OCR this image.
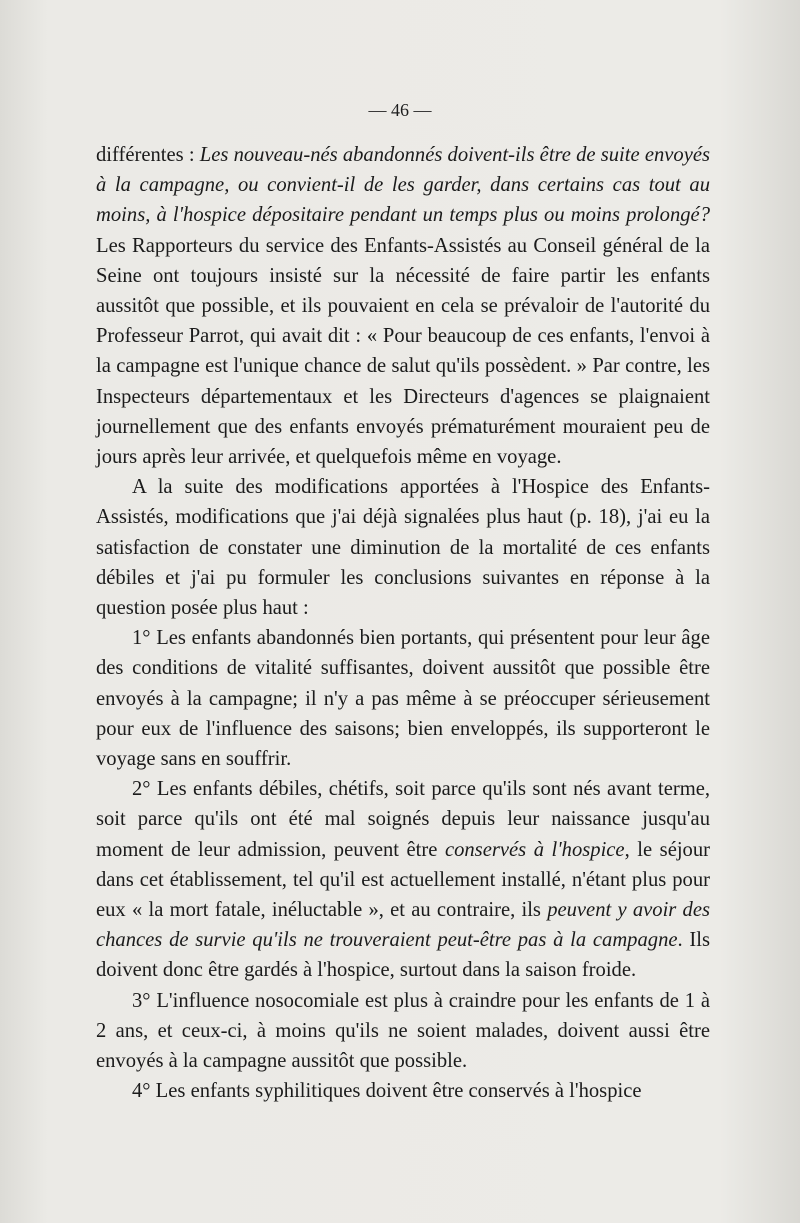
— 46 —

différentes : Les nouveau-nés abandonnés doivent-ils être de suite envoyés à la campagne, ou convient-il de les garder, dans certains cas tout au moins, à l'hospice dépositaire pendant un temps plus ou moins prolongé? Les Rapporteurs du service des Enfants-Assistés au Conseil général de la Seine ont toujours insisté sur la nécessité de faire partir les enfants aussitôt que possible, et ils pouvaient en cela se prévaloir de l'autorité du Professeur Parrot, qui avait dit : « Pour beaucoup de ces enfants, l'envoi à la campagne est l'unique chance de salut qu'ils possèdent. » Par contre, les Inspecteurs départementaux et les Directeurs d'agences se plaignaient journellement que des enfants envoyés prématurément mouraient peu de jours après leur arrivée, et quelquefois même en voyage.

A la suite des modifications apportées à l'Hospice des Enfants-Assistés, modifications que j'ai déjà signalées plus haut (p. 18), j'ai eu la satisfaction de constater une diminution de la mortalité de ces enfants débiles et j'ai pu formuler les conclusions suivantes en réponse à la question posée plus haut :

1° Les enfants abandonnés bien portants, qui présentent pour leur âge des conditions de vitalité suffisantes, doivent aussitôt que possible être envoyés à la campagne; il n'y a pas même à se préoccuper sérieusement pour eux de l'influence des saisons; bien enveloppés, ils supporteront le voyage sans en souffrir.

2° Les enfants débiles, chétifs, soit parce qu'ils sont nés avant terme, soit parce qu'ils ont été mal soignés depuis leur naissance jusqu'au moment de leur admission, peuvent être conservés à l'hospice, le séjour dans cet établissement, tel qu'il est actuellement installé, n'étant plus pour eux « la mort fatale, inéluctable », et au contraire, ils peuvent y avoir des chances de survie qu'ils ne trouveraient peut-être pas à la campagne. Ils doivent donc être gardés à l'hospice, surtout dans la saison froide.

3° L'influence nosocomiale est plus à craindre pour les enfants de 1 à 2 ans, et ceux-ci, à moins qu'ils ne soient malades, doivent aussi être envoyés à la campagne aussitôt que possible.

4° Les enfants syphilitiques doivent être conservés à l'hospice
